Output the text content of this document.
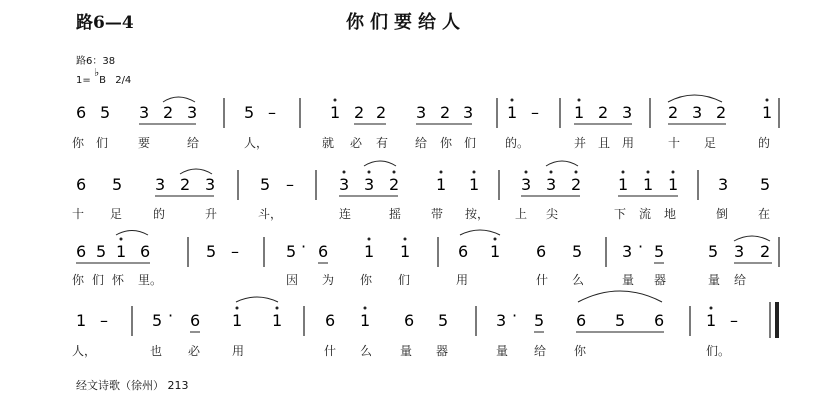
路6—4	你们要给人
路6：38
1= ♭B 2/4
6 5 3 2 3	5 –	1 2 2 3 2 3 1 – 1 2 3 2 3 2 1
你 们 要	给	人，	就 必 有 给 你 们 的。	并 且 用	十 足	的
6 5 3 2 3	5 –	3 3 2 1 1	3 3 2 1 1 1 3 5
十 足	的	升	斗，	连	摇 带 按， 上 尖	下 流 地	倒 在
6 5 1 6	5 –	5 · 6 1 1	6 1 6 5 3 · 5	5 3 2
你 们 怀 里。	因 为 你 们	用	什 么	量 器	量 给
1 –	5 · 6 1 1	6 1 6 5	3 · 5 6 5 6	1 –
人，	也 必	用	什 么 量 器	量 给 你	们。
经文诗歌（徐州） 213
